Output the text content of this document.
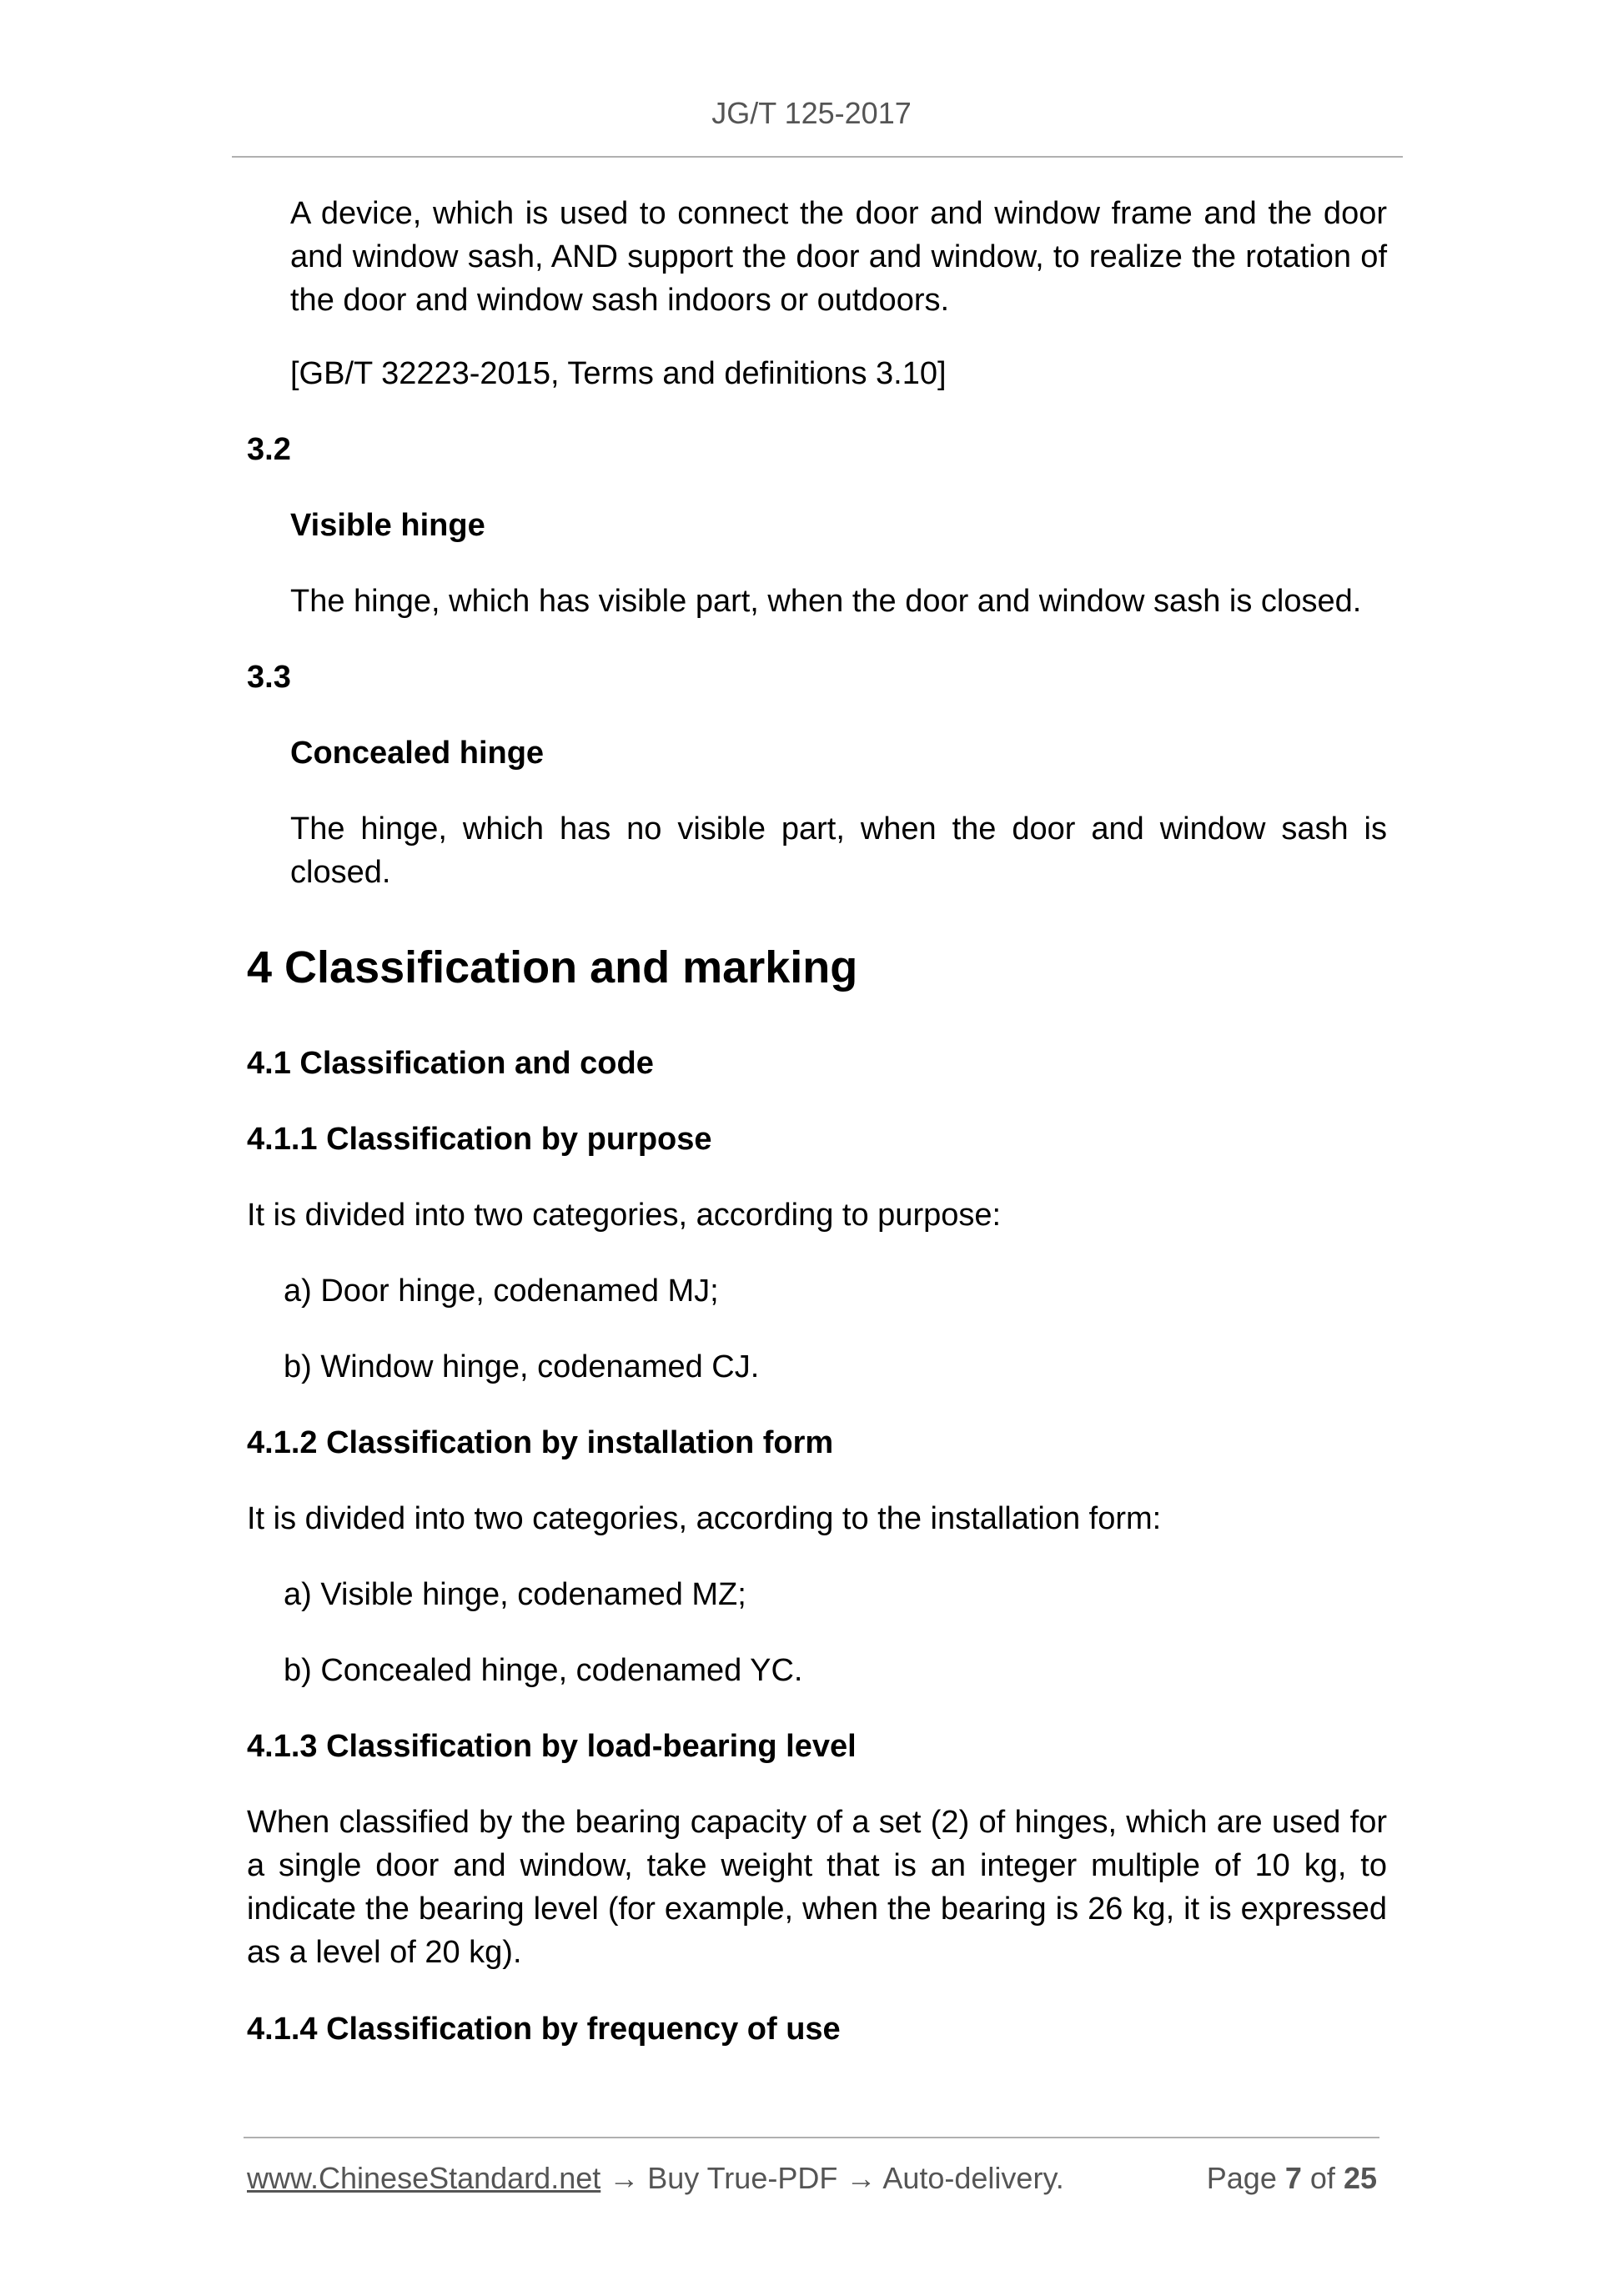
JG/T 125-2017

A device, which is used to connect the door and window frame and the door and window sash, AND support the door and window, to realize the rotation of the door and window sash indoors or outdoors.

[GB/T 32223-2015, Terms and definitions 3.10]

3.2

Visible hinge

The hinge, which has visible part, when the door and window sash is closed.

3.3

Concealed hinge

The hinge, which has no visible part, when the door and window sash is closed.

4 Classification and marking
4.1 Classification and code
4.1.1 Classification by purpose

It is divided into two categories, according to purpose:

a) Door hinge, codenamed MJ;

b) Window hinge, codenamed CJ.

4.1.2 Classification by installation form

It is divided into two categories, according to the installation form:

a) Visible hinge, codenamed MZ;

b) Concealed hinge, codenamed YC.

4.1.3 Classification by load-bearing level

When classified by the bearing capacity of a set (2) of hinges, which are used for a single door and window, take weight that is an integer multiple of 10 kg, to indicate the bearing level (for example, when the bearing is 26 kg, it is expressed as a level of 20 kg).

4.1.4 Classification by frequency of use
www.ChineseStandard.net → Buy True-PDF → Auto-delivery.	Page 7 of 25
